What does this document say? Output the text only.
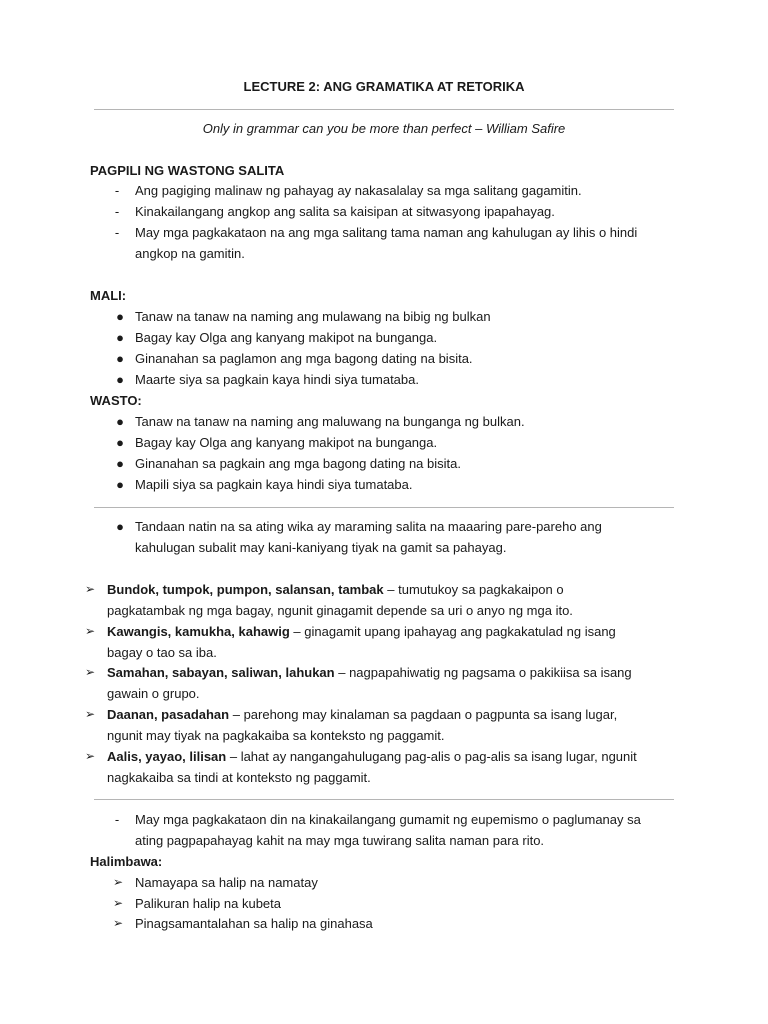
LECTURE 2: ANG GRAMATIKA AT RETORIKA
Only in grammar can you be more than perfect – William Safire
PAGPILI NG WASTONG SALITA
-	Ang pagiging malinaw ng pahayag ay nakasalalay sa mga salitang gagamitin.
-	Kinakailangang angkop ang salita sa kaisipan at sitwasyong ipapahayag.
-	May mga pagkakataon na ang mga salitang tama naman ang kahulugan ay lihis o hindi
angkop na gamitin.
MALI:
● Tanaw na tanaw na naming ang mulawang na bibig ng bulkan
● Bagay kay Olga ang kanyang makipot na bunganga.
● Ginanahan sa paglamon ang mga bagong dating na bisita.
● Maarte siya sa pagkain kaya hindi siya tumataba.
WASTO:
● Tanaw na tanaw na naming ang maluwang na bunganga ng bulkan.
● Bagay kay Olga ang kanyang makipot na bunganga.
● Ginanahan sa pagkain ang mga bagong dating na bisita.
● Mapili siya sa pagkain kaya hindi siya tumataba.
● Tandaan natin na sa ating wika ay maraming salita na maaaring pare-pareho ang
kahulugan subalit may kani-kaniyang tiyak na gamit sa pahayag.
➢ Bundok, tumpok, pumpon, salansan, tambak – tumutukoy sa pagkakaipon o
pagkatambak ng mga bagay, ngunit ginagamit depende sa uri o anyo ng mga ito.
➢ Kawangis, kamukha, kahawig – ginagamit upang ipahayag ang pagkakatulad ng isang
bagay o tao sa iba.
➢ Samahan, sabayan, saliwan, lahukan – nagpapahiwatig ng pagsama o pakikiisa sa isang
gawain o grupo.
➢ Daanan, pasadahan – parehong may kinalaman sa pagdaan o pagpunta sa isang lugar,
ngunit may tiyak na pagkakaiba sa konteksto ng paggamit.
➢ Aalis, yayao, lilisan – lahat ay nangangahulugang pag-alis o pag-alis sa isang lugar, ngunit
nagkakaiba sa tindi at konteksto ng paggamit.
-	May mga pagkakataon din na kinakailangang gumamit ng eupemismo o paglumanay sa
ating pagpapahayag kahit na may mga tuwirang salita naman para rito.
Halimbawa:
➢ Namayapa sa halip na namatay
➢ Palikuran halip na kubeta
➢ Pinagsamantalahan sa halip na ginahasa
